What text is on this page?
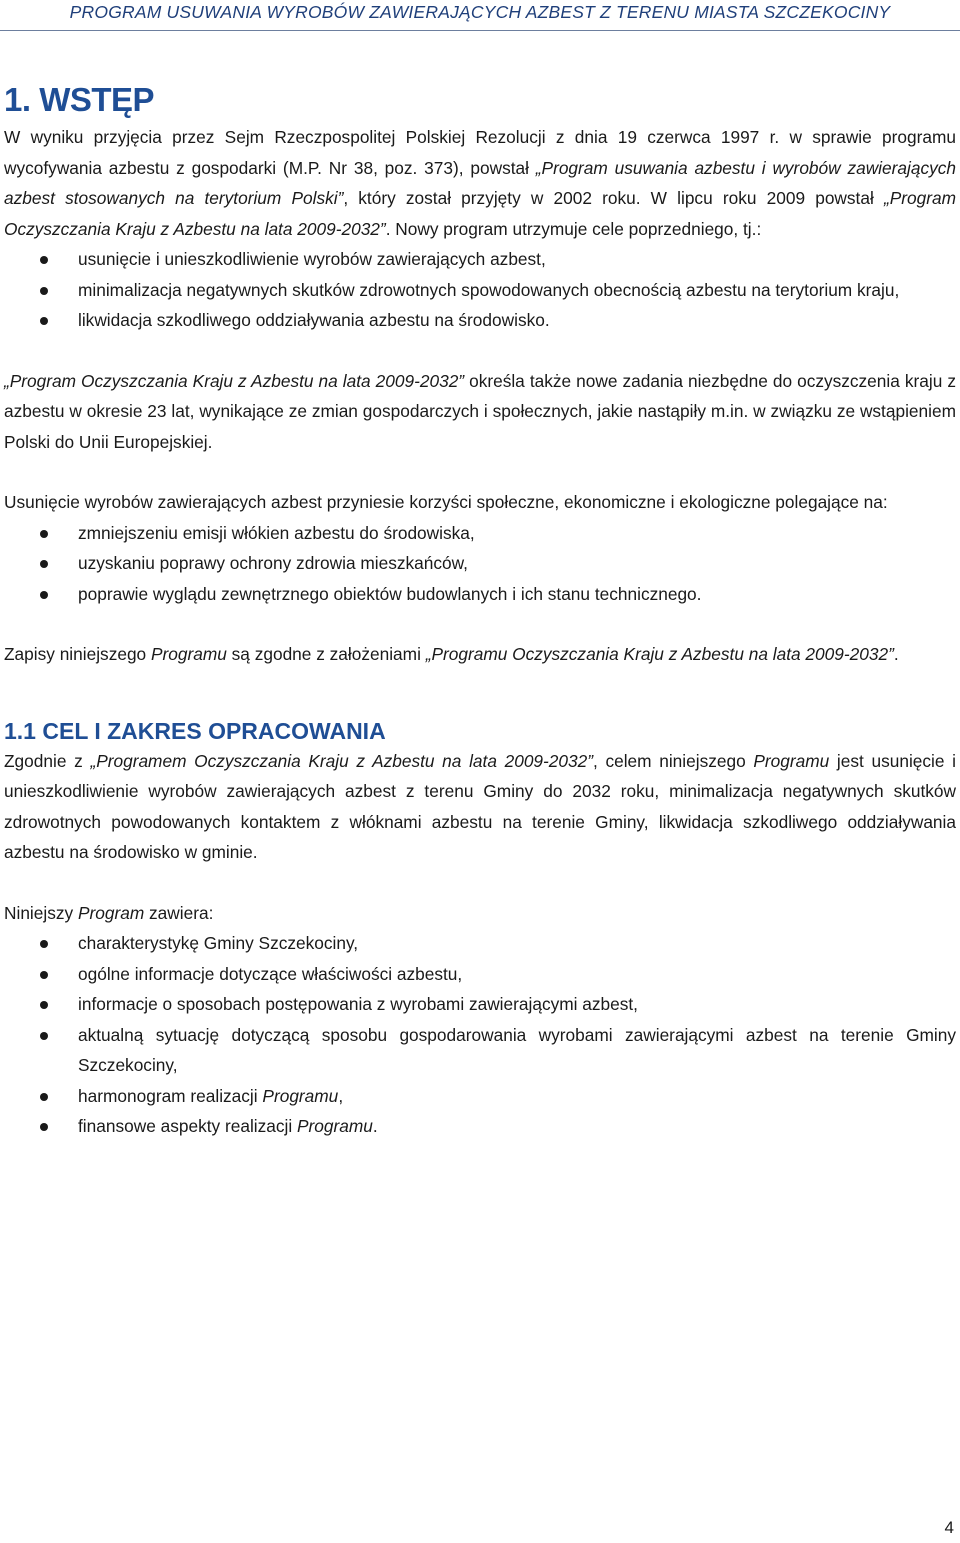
PROGRAM USUWANIA WYROBÓW ZAWIERAJĄCYCH AZBEST Z TERENU MIASTA SZCZEKOCINY
1. WSTĘP

W wyniku przyjęcia przez Sejm Rzeczpospolitej Polskiej Rezolucji z dnia 19 czerwca 1997 r. w sprawie programu wycofywania azbestu z gospodarki (M.P. Nr 38, poz. 373), powstał „Program usuwania azbestu i wyrobów zawierających azbest stosowanych na terytorium Polski”, który został przyjęty w 2002 roku. W lipcu roku 2009 powstał „Program Oczyszczania Kraju z Azbestu na lata 2009-2032”. Nowy program utrzymuje cele poprzedniego, tj.:

usunięcie i unieszkodliwienie wyrobów zawierających azbest,
minimalizacja negatywnych skutków zdrowotnych spowodowanych obecnością azbestu na terytorium kraju,
likwidacja szkodliwego oddziaływania azbestu na środowisko.

„Program Oczyszczania Kraju z Azbestu na lata 2009-2032” określa także nowe zadania niezbędne do oczyszczenia kraju z azbestu w okresie 23 lat, wynikające ze zmian gospodarczych i społecznych, jakie nastąpiły m.in. w związku ze wstąpieniem Polski do Unii Europejskiej.

Usunięcie wyrobów zawierających azbest przyniesie korzyści społeczne, ekonomiczne i ekologiczne polegające na:

zmniejszeniu emisji włókien azbestu do środowiska,
uzyskaniu poprawy ochrony zdrowia mieszkańców,
poprawie wyglądu zewnętrznego obiektów budowlanych i ich stanu technicznego.

Zapisy niniejszego Programu są zgodne z założeniami „Programu Oczyszczania Kraju z Azbestu na lata 2009-2032”.

1.1 CEL I ZAKRES OPRACOWANIA

Zgodnie z „Programem Oczyszczania Kraju z Azbestu na lata 2009-2032”, celem niniejszego Programu jest usunięcie i unieszkodliwienie wyrobów zawierających azbest z terenu Gminy do 2032 roku, minimalizacja negatywnych skutków zdrowotnych powodowanych kontaktem z włóknami azbestu na terenie Gminy, likwidacja szkodliwego oddziaływania azbestu na środowisko w gminie.

Niniejszy Program zawiera:

charakterystykę Gminy Szczekociny,
ogólne informacje dotyczące właściwości azbestu,
informacje o sposobach postępowania z wyrobami zawierającymi azbest,
aktualną sytuację dotyczącą sposobu gospodarowania wyrobami zawierającymi azbest na terenie Gminy Szczekociny,
harmonogram realizacji Programu,
finansowe aspekty realizacji Programu.
4
